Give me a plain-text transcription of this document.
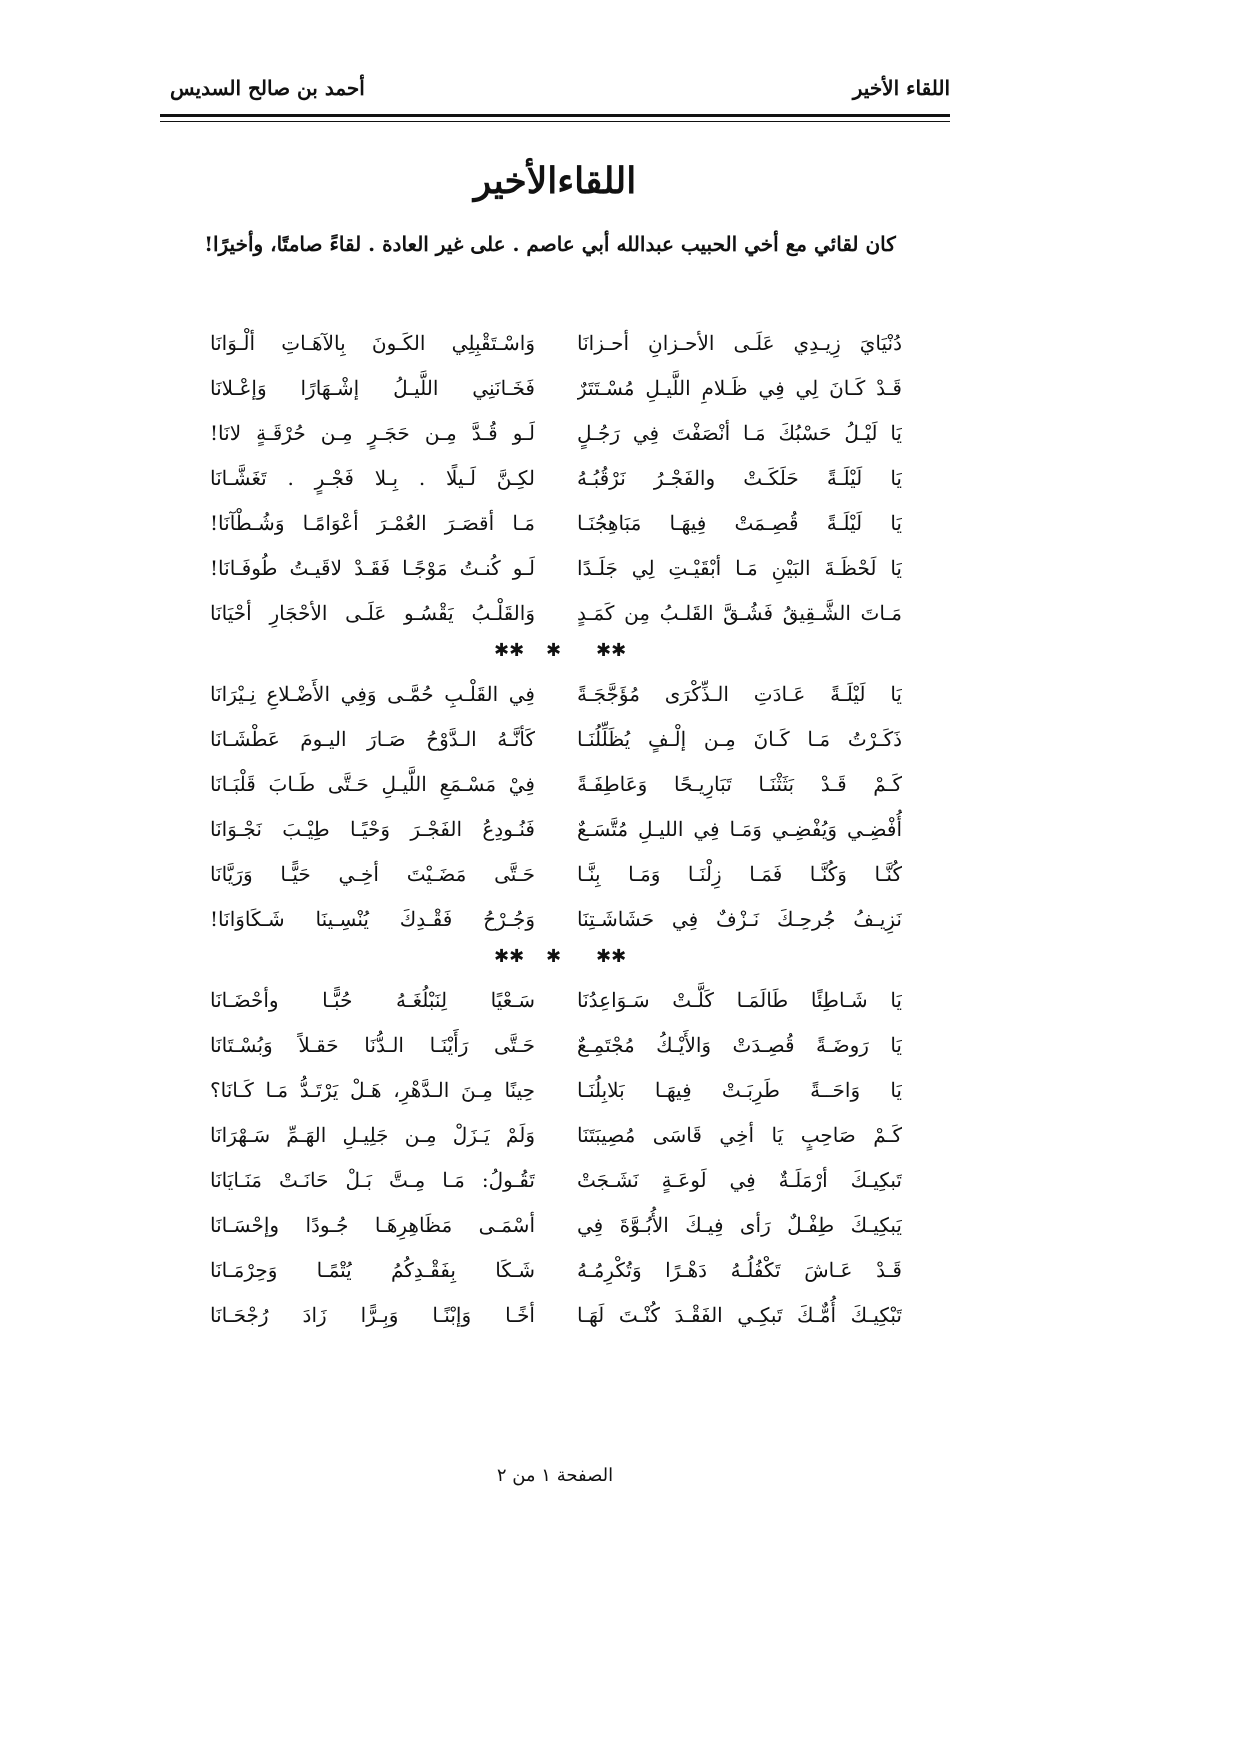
اللقاء الأخير
أحمد بن صالح السديس
اللقاءالأخير
كان لقائي مع أخي الحبيب عبدالله أبي عاصم . على غير العادة . لقاءً صامتًا، وأخيرًا!
دُنْيَايَ زِيـدِي عَلَـى الأحـزانِ أحـزانَا
وَاسْـتَقْبِلِي الكَـونَ بِالآهَـاتِ ألْـوَانَا
قَـدْ كَـانَ لِي فِي ظَـلامِ اللَّيـلِ مُسْـتَتَرٌ
فَخَـانَنِي اللَّيـلُ إشْـهَارًا وَإعْـلانَا
يَا لَيْـلُ حَسْبُكَ مَـا أنْصَفْتَ فِي رَجُـلٍ
لَـو قُـدَّ مِـن حَجَـرٍ مِـن حُرْقَـةٍ لانَا!
يَا لَيْلَـةً حَلَكَـتْ والفَجْـرُ نَرْقُبُـهُ
لكِـنَّ لَـيلًا . بِـلا فَجْـرٍ . تَغَشَّـانَا
يَا لَيْلَـةً قُصِـمَتْ فِيهَـا مَبَاهِجُنَـا
مَـا أقصَـرَ العُمْـرَ أعْوَامًـا وَشُـطْآنَا!
يَا لَحْظَـةَ البَيْنِ مَـا أبْقَيْـتِ لِي جَلَـدًا
لَـو كُنـتُ مَوْجًـا فَقَـدْ لاقَيـتُ طُوفَـانَا!
مَـاتَ الشَّـقِيقُ فَشُـقَّ القَلـبُ مِن كَمَـدٍ
وَالقَلْـبُ يَقْسُـو عَلَـى الأحْجَارِ أحْيَانَا
✱✱
✱
✱✱
يَا لَيْلَـةً عَـادَتِ الـذِّكْرَى مُؤَجَّجَـةً
فِي القَلْـبِ حُمَّـى وَفِي الأَضْـلاعِ نِـيْرَانَا
ذَكَـرْتُ مَـا كَـانَ مِـن إلْـفٍ يُظَلِّلُنَـا
كَأنَّـهُ الـدَّوْحُ صَـارَ اليـومَ عَطْشَـانَا
كَـمْ قَـدْ بَثَثْنَـا تَبَارِيـحًا وَعَاطِفَـةً
فِيْ مَسْـمَعِ اللَّيـلِ حَـتَّى طَـابَ قَلْبَـانَا
أُفْضِـي وَيُفْضِـي وَمَـا فِي الليـلِ مُتَّسَـعٌ
فَنُـودِعُ الفَجْـرَ وَحْيًـا طِيْـبَ نَجْـوَانَا
كُنَّـا وَكُنَّـا فَمَـا زِلْنَـا وَمَـا بِنَّـا
حَـتَّى مَضَـيْتَ أخِـي حَيًّـا وَرَيَّانَا
نَزِيـفُ جُرحِـكَ نَـزْفٌ فِي حَشَاشَـتِنَا
وَجُـرْحُ فَقْـدِكَ يُنْسِـينَا شَـكَاوَانَا!
✱✱
✱
✱✱
يَا شَـاطِئًا طَالَمَـا كَلَّـتْ سَـوَاعِدُنَا
سَـعْيًا لِنَبْلُغَـهُ حُبًّـا وأحْضَـانَا
يَا رَوضَـةً قُصِـدَتْ وَالأَيْـكُ مُجْتَمِـعٌ
حَـتَّى رَأَيْنَـا الـدُّنَا حَقـلاً وَبُسْـتَانَا
يَا وَاحَــةً طَرِبَـتْ فِيهَـا بَلابِلُنَـا
حِينًا مِـنَ الـدَّهْرِ، هَـلْ يَرْتَـدُّ مَـا كَـانَا؟
كَـمْ صَاحِبٍ يَا أخِي قَاسَى مُصِيبَتَنَا
وَلَمْ يَـزَلْ مِـن جَلِيـلِ الهَـمِّ سَـهْرَانَا
تَبكِيـكَ أرْمَلَـةٌ فِي لَوعَـةٍ نَشَـجَتْ
تَقُـولُ: مَـا مِـتَّ بَـلْ حَانَـتْ مَنَـايَانَا
يَبكِيـكَ طِفْـلٌ رَأى فِيـكَ الأُبُـوَّةَ فِي
أسْمَـى مَظَاهِرِهَـا جُـودًا وإحْسَـانَا
قَـدْ عَـاشَ تَكْفُلُـهُ دَهْـرًا وَتُكْرِمُـهُ
شَـكَا بِفَقْـدِكُمُ يُتْمًـا وَحِرْمَـانَا
تَبْكِيـكَ أُمٌّـكَ تَبكِـي الفَقْـدَ كُنْـتَ لَهَـا
أخًـا وَإبْنًـا وَبِـرًّا زَادَ رُجْحَـانَا
الصفحة ١ من ٢
